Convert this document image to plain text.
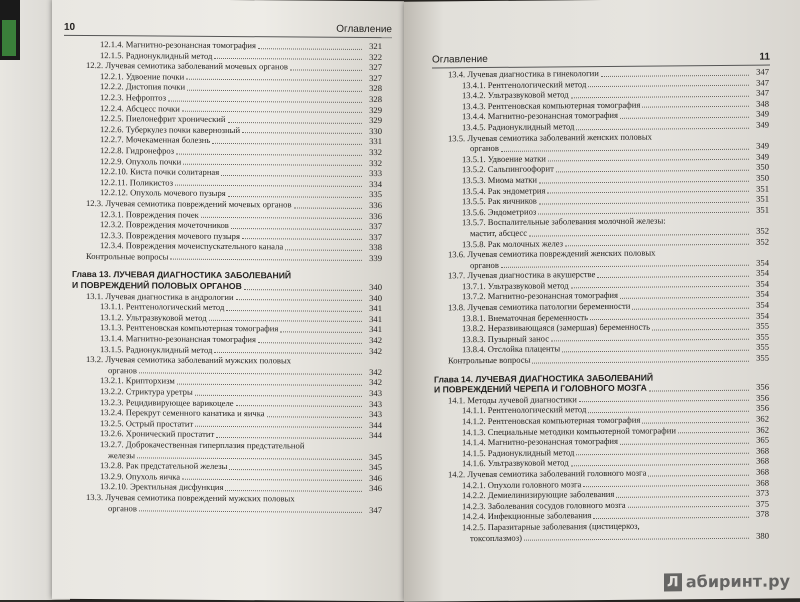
10	Оглавление
12.1.4. Магнитно-резонансная томография	321
12.1.5. Радионуклидный метод	322
12.2. Лучевая семиотика заболеваний мочевых органов	327
12.2.1. Удвоение почки	327
12.2.2. Дистопия почки	328
12.2.3. Нефроптоз	328
12.2.4. Абсцесс почки	329
12.2.5. Пиелонефрит хронический	329
12.2.6. Туберкулез почки кавернозный	330
12.2.7. Мочекаменная болезнь	331
12.2.8. Гидронефроз	332
12.2.9. Опухоль почки	332
12.2.10. Киста почки солитарная	333
12.2.11. Поликистоз	334
12.2.12. Опухоль мочевого пузыря	335
12.3. Лучевая семиотика повреждений мочевых органов	336
12.3.1. Повреждения почек	336
12.3.2. Повреждения мочеточников	337
12.3.3. Повреждения мочевого пузыря	337
12.3.4. Повреждения мочеиспускательного канала	338
Контрольные вопросы	339
Глава 13. ЛУЧЕВАЯ ДИАГНОСТИКА ЗАБОЛЕВАНИЙ
И ПОВРЕЖДЕНИЙ ПОЛОВЫХ ОРГАНОВ	340
13.1. Лучевая диагностика в андрологии	340
13.1.1. Рентгенологический метод	341
13.1.2. Ультразвуковой метод	341
13.1.3. Рентгеновская компьютерная томография	341
13.1.4. Магнитно-резонансная томография	342
13.1.5. Радионуклидный метод	342
13.2. Лучевая семиотика заболеваний мужских половых
органов	342
13.2.1. Крипторхизм	342
13.2.2. Стриктура уретры	343
13.2.3. Рецидивирующее варикоцеле	343
13.2.4. Перекрут семенного канатика и яичка	343
13.2.5. Острый простатит	344
13.2.6. Хронический простатит	344
13.2.7. Доброкачественная гиперплазия предстательной
железы	345
13.2.8. Рак предстательной железы	345
13.2.9. Опухоль яичка	346
13.2.10. Эректильная дисфункция	346
13.3. Лучевая семиотика повреждений мужских половых
органов	347
Оглавление	11
13.4. Лучевая диагностика в гинекологии	347
13.4.1. Рентгенологический метод	347
13.4.2. Ультразвуковой метод	347
13.4.3. Рентгеновская компьютерная томография	348
13.4.4. Магнитно-резонансная томография	349
13.4.5. Радионуклидный метод	349
13.5. Лучевая семиотика заболеваний женских половых
органов	349
13.5.1. Удвоение матки	349
13.5.2. Сальпингоофорит	350
13.5.3. Миома матки	350
13.5.4. Рак эндометрия	351
13.5.5. Рак яичников	351
13.5.6. Эндометриоз	351
13.5.7. Воспалительные заболевания молочной железы:
мастит, абсцесс	352
13.5.8. Рак молочных желез	352
13.6. Лучевая семиотика повреждений женских половых
органов	354
13.7. Лучевая диагностика в акушерстве	354
13.7.1. Ультразвуковой метод	354
13.7.2. Магнитно-резонансная томография	354
13.8. Лучевая семиотика патологии беременности	354
13.8.1. Внематочная беременность	354
13.8.2. Неразвивающаяся (замершая) беременность	355
13.8.3. Пузырный занос	355
13.8.4. Отслойка плаценты	355
Контрольные вопросы	355
Глава 14. ЛУЧЕВАЯ ДИАГНОСТИКА ЗАБОЛЕВАНИЙ
И ПОВРЕЖДЕНИЙ ЧЕРЕПА И ГОЛОВНОГО МОЗГА	356
14.1. Методы лучевой диагностики	356
14.1.1. Рентгенологический метод	356
14.1.2. Рентгеновская компьютерная томография	362
14.1.3. Специальные методики компьютерной томографии	362
14.1.4. Магнитно-резонансная томография	365
14.1.5. Радионуклидный метод	368
14.1.6. Ультразвуковой метод	368
14.2. Лучевая семиотика заболеваний головного мозга	368
14.2.1. Опухоли головного мозга	368
14.2.2. Демиелинизирующие заболевания	373
14.2.3. Заболевания сосудов головного мозга	375
14.2.4. Инфекционные заболевания	378
14.2.5. Паразитарные заболевания (цистицеркоз,
токсоплазмоз)	380
Л абиринт.ру
